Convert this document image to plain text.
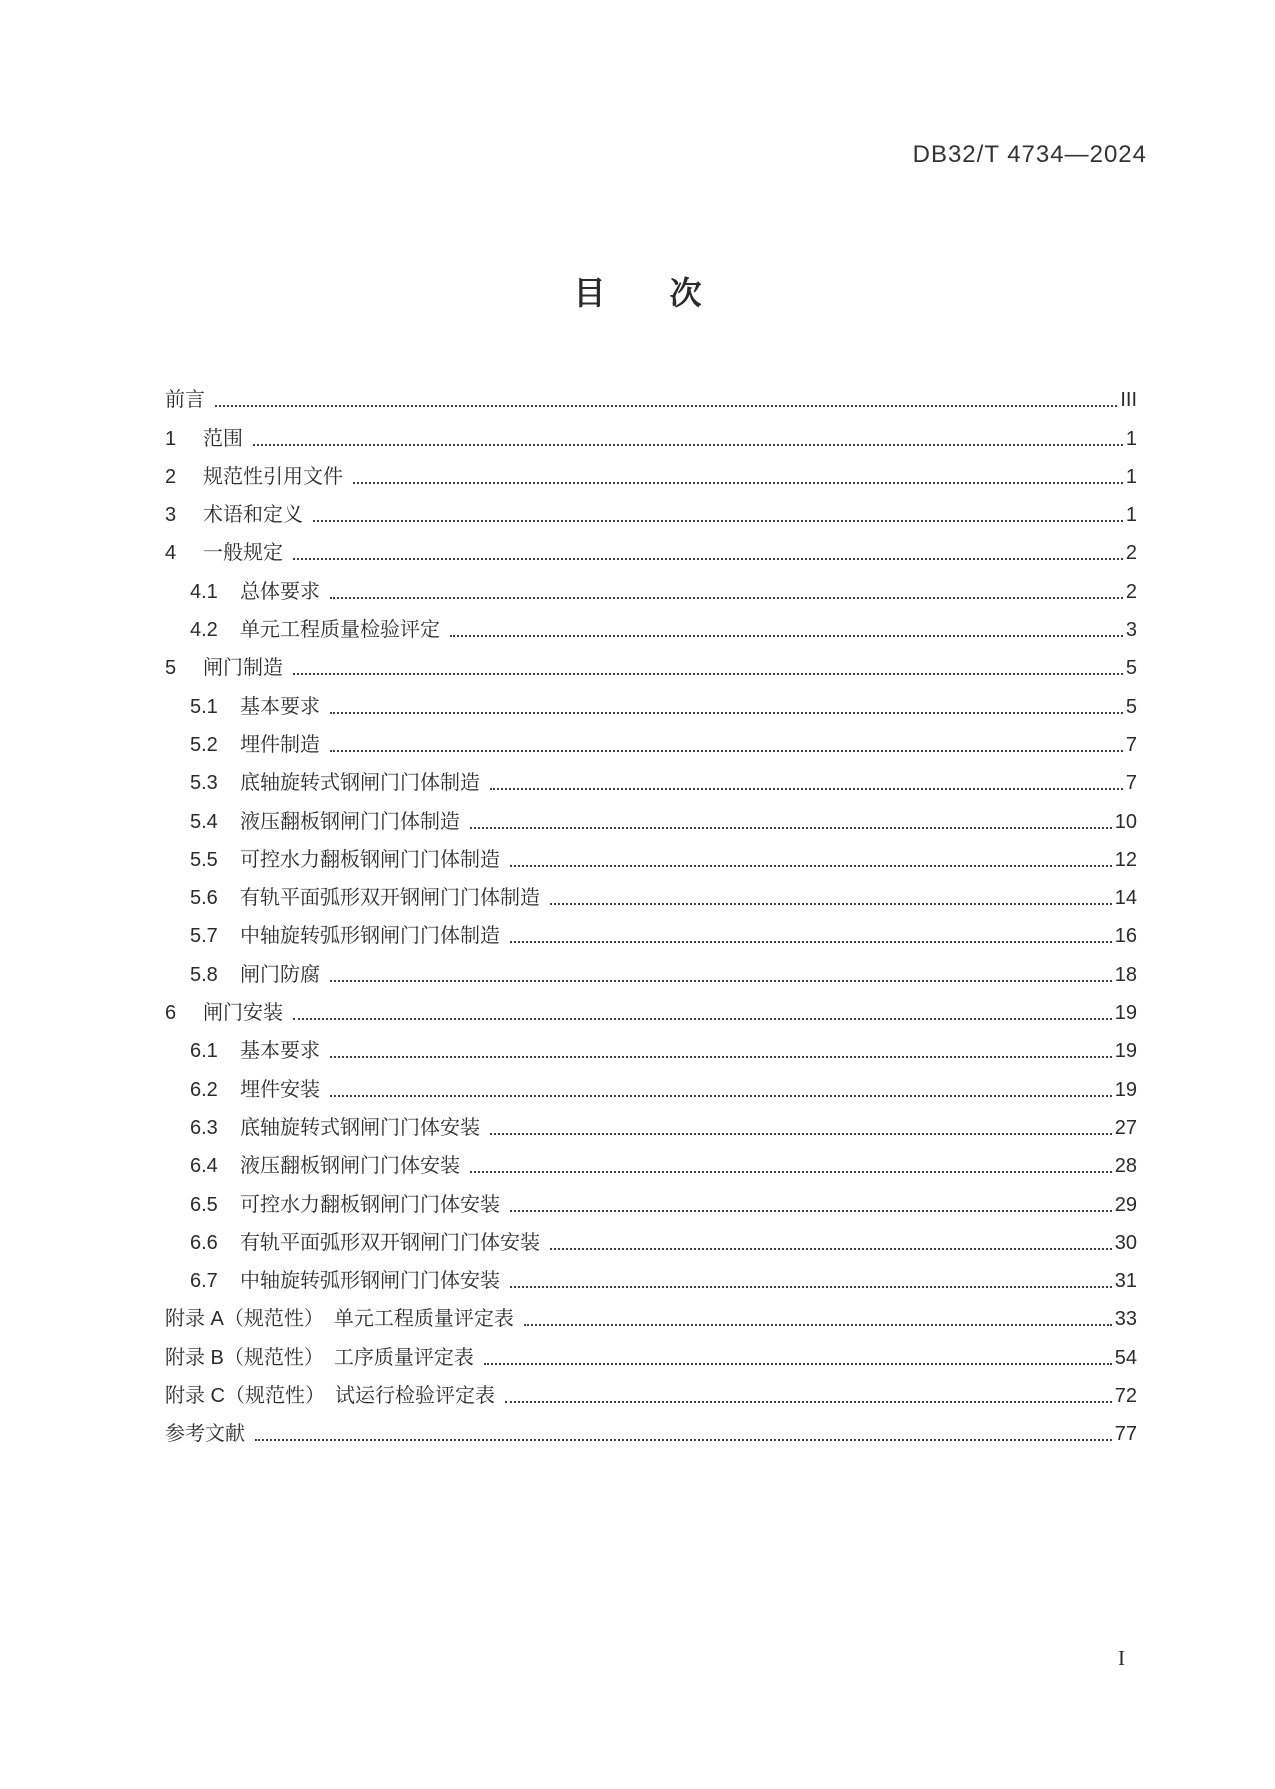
DB32/T 4734—2024
目　　次
前言	III
1	范围	1
2	规范性引用文件	1
3	术语和定义	1
4	一般规定	2
4.1	总体要求	2
4.2	单元工程质量检验评定	3
5	闸门制造	5
5.1	基本要求	5
5.2	埋件制造	7
5.3	底轴旋转式钢闸门门体制造	7
5.4	液压翻板钢闸门门体制造	10
5.5	可控水力翻板钢闸门门体制造	12
5.6	有轨平面弧形双开钢闸门门体制造	14
5.7	中轴旋转弧形钢闸门门体制造	16
5.8	闸门防腐	18
6	闸门安装	19
6.1	基本要求	19
6.2	埋件安装	19
6.3	底轴旋转式钢闸门门体安装	27
6.4	液压翻板钢闸门门体安装	28
6.5	可控水力翻板钢闸门门体安装	29
6.6	有轨平面弧形双开钢闸门门体安装	30
6.7	中轴旋转弧形钢闸门门体安装	31
附录 A（规范性）　单元工程质量评定表	33
附录 B（规范性）　工序质量评定表	54
附录 C（规范性）　试运行检验评定表	72
参考文献	77
I
